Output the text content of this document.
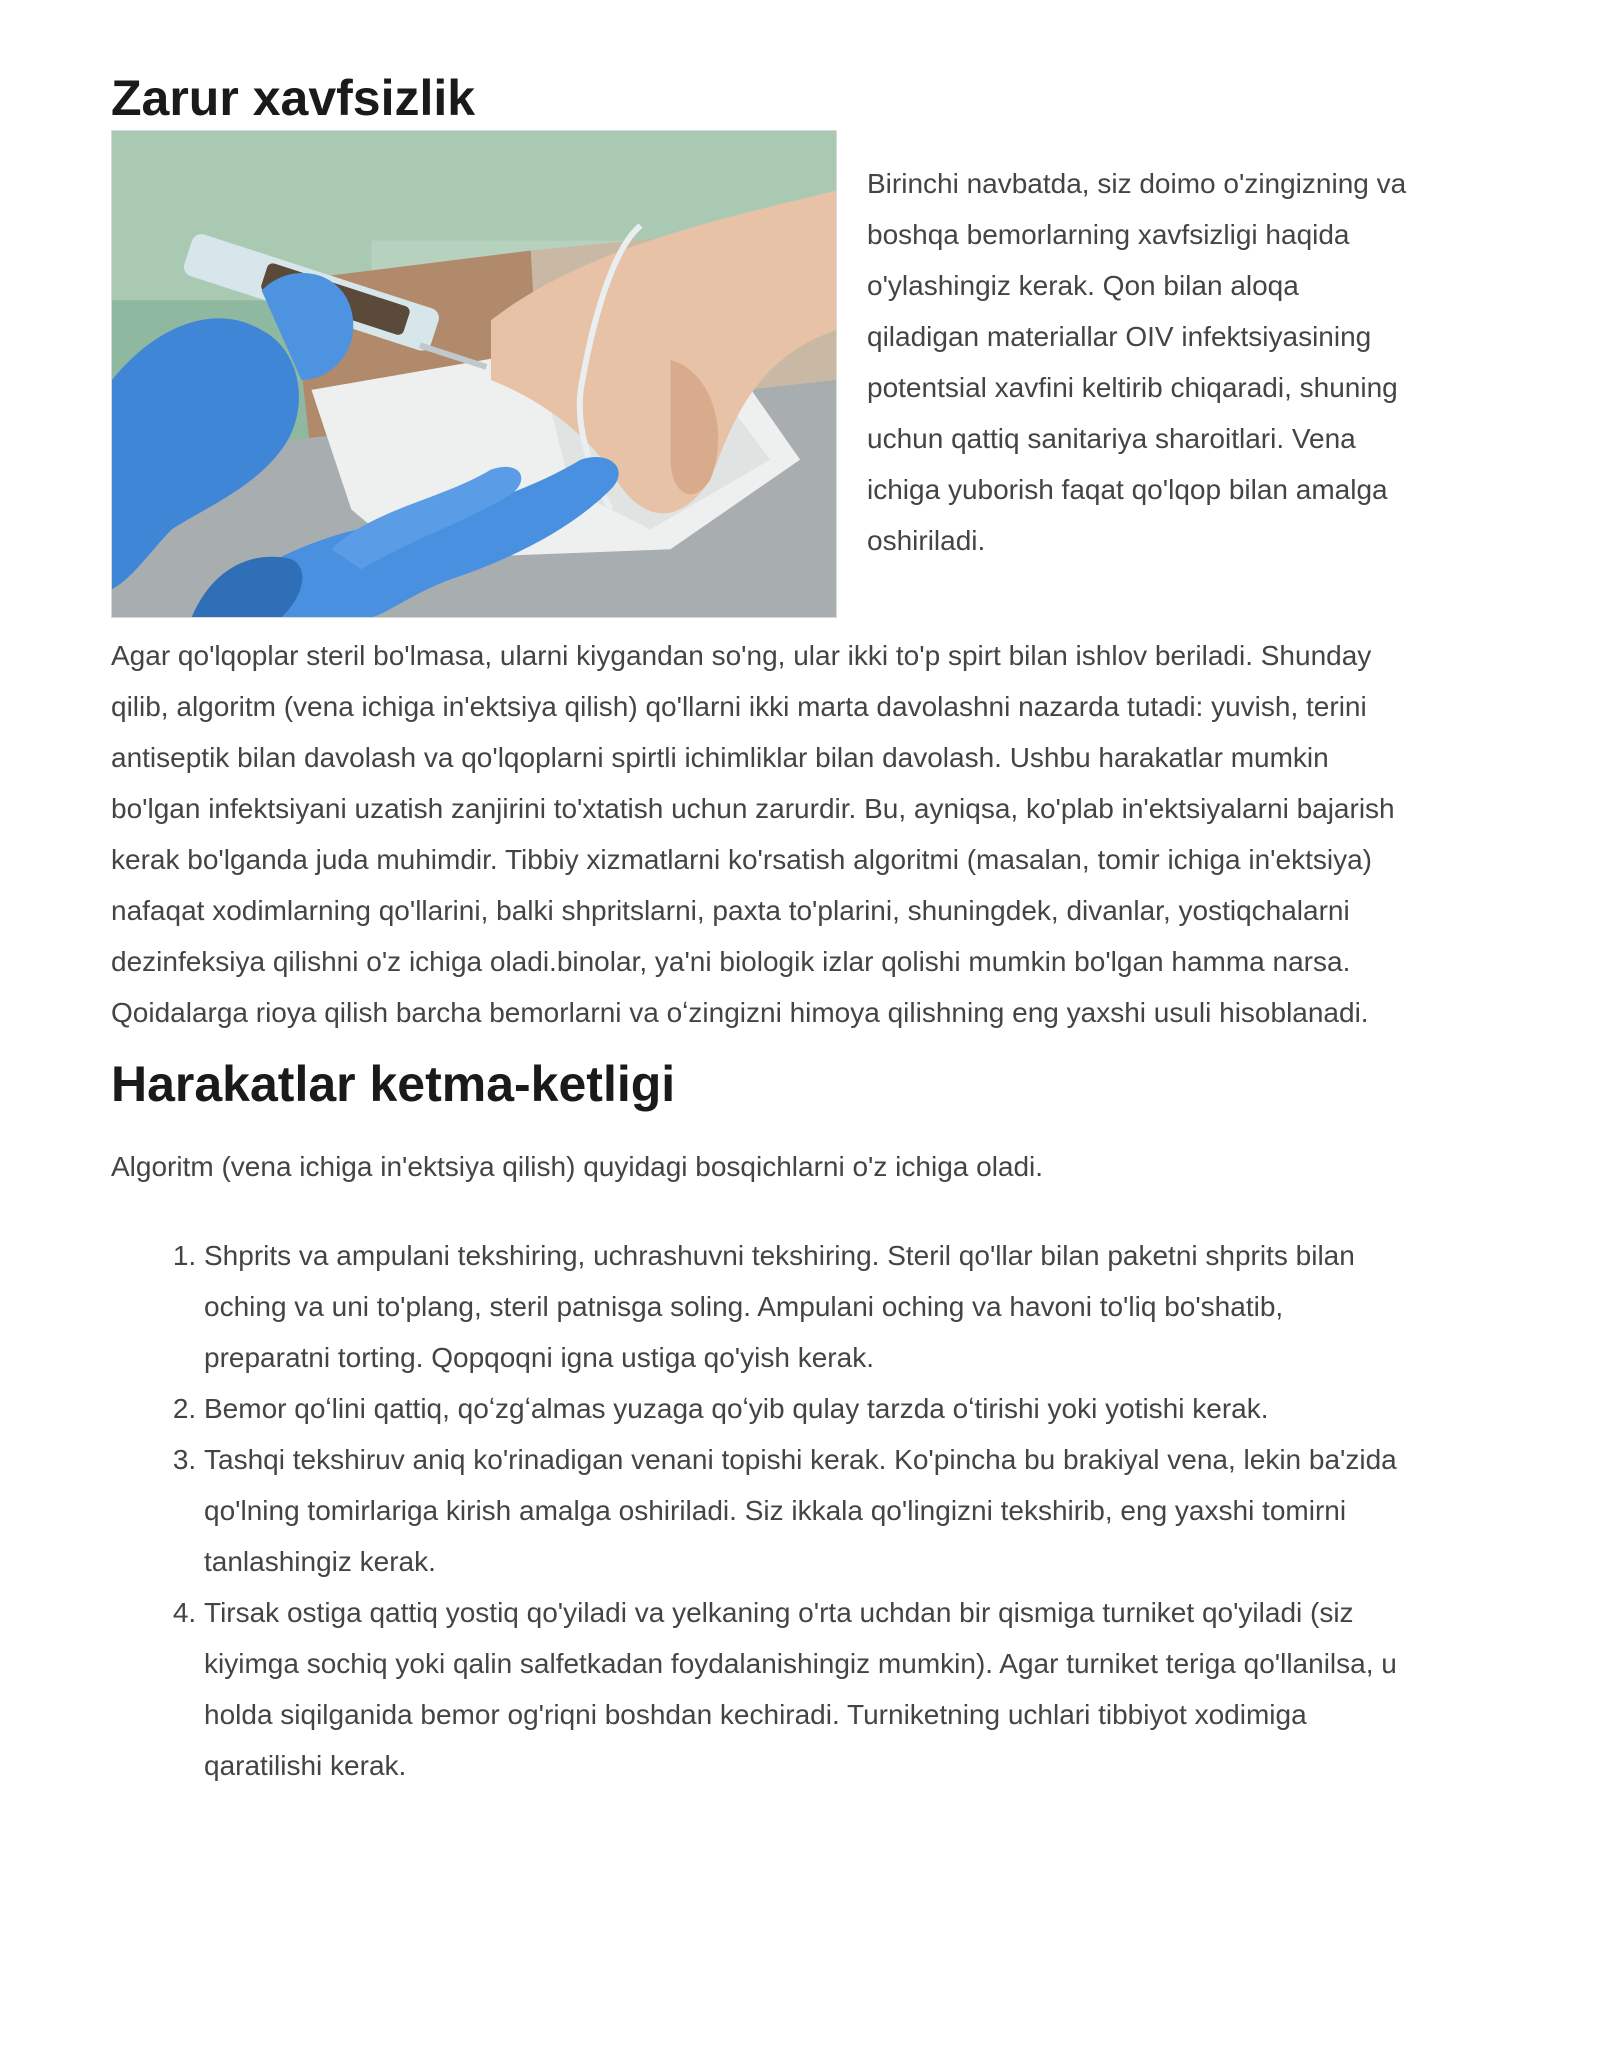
Zarur xavfsizlik

Birinchi navbatda, siz doimo o'zingizning va boshqa bemorlarning xavfsizligi haqida o'ylashingiz kerak. Qon bilan aloqa qiladigan materiallar OIV infektsiyasining potentsial xavfini keltirib chiqaradi, shuning uchun qattiq sanitariya sharoitlari. Vena ichiga yuborish faqat qo'lqop bilan amalga oshiriladi.

Agar qo'lqoplar steril bo'lmasa, ularni kiygandan so'ng, ular ikki to'p spirt bilan ishlov beriladi. Shunday qilib, algoritm (vena ichiga in'ektsiya qilish) qo'llarni ikki marta davolashni nazarda tutadi: yuvish, terini antiseptik bilan davolash va qo'lqoplarni spirtli ichimliklar bilan davolash. Ushbu harakatlar mumkin bo'lgan infektsiyani uzatish zanjirini to'xtatish uchun zarurdir. Bu, ayniqsa, ko'plab in'ektsiyalarni bajarish kerak bo'lganda juda muhimdir. Tibbiy xizmatlarni ko'rsatish algoritmi (masalan, tomir ichiga in'ektsiya) nafaqat xodimlarning qo'llarini, balki shpritslarni, paxta to'plarini, shuningdek, divanlar, yostiqchalarni dezinfeksiya qilishni o'z ichiga oladi.binolar, ya'ni biologik izlar qolishi mumkin bo'lgan hamma narsa. Qoidalarga rioya qilish barcha bemorlarni va oʻzingizni himoya qilishning eng yaxshi usuli hisoblanadi.

Harakatlar ketma-ketligi

Algoritm (vena ichiga in'ektsiya qilish) quyidagi bosqichlarni o'z ichiga oladi.

1. Shprits va ampulani tekshiring, uchrashuvni tekshiring. Steril qo'llar bilan paketni shprits bilan oching va uni to'plang, steril patnisga soling. Ampulani oching va havoni to'liq bo'shatib, preparatni torting. Qopqoqni igna ustiga qo'yish kerak.
2. Bemor qoʻlini qattiq, qoʻzgʻalmas yuzaga qoʻyib qulay tarzda oʻtirishi yoki yotishi kerak.
3. Tashqi tekshiruv aniq ko'rinadigan venani topishi kerak. Ko'pincha bu brakiyal vena, lekin ba'zida qo'lning tomirlariga kirish amalga oshiriladi. Siz ikkala qo'lingizni tekshirib, eng yaxshi tomirni tanlashingiz kerak.
4. Tirsak ostiga qattiq yostiq qo'yiladi va yelkaning o'rta uchdan bir qismiga turniket qo'yiladi (siz kiyimga sochiq yoki qalin salfetkadan foydalanishingiz mumkin). Agar turniket teriga qo'llanilsa, u holda siqilganida bemor og'riqni boshdan kechiradi. Turniketning uchlari tibbiyot xodimiga qaratilishi kerak.
